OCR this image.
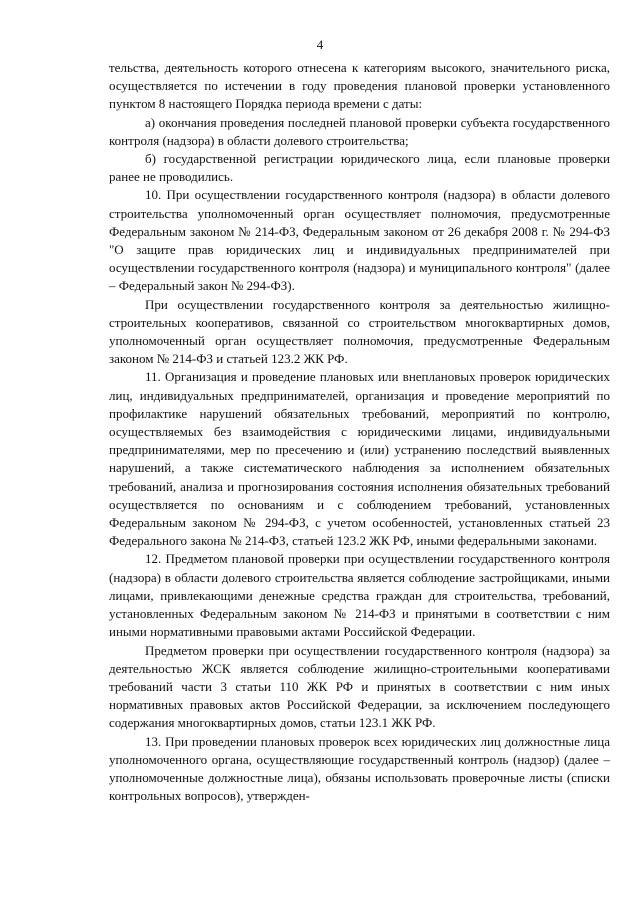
4

тельства, деятельность которого отнесена к категориям высокого, значительного риска, осуществляется по истечении в году проведения плановой проверки установленного пунктом 8 настоящего Порядка периода времени с даты:

а) окончания проведения последней плановой проверки субъекта государственного контроля (надзора) в области долевого строительства;

б) государственной регистрации юридического лица, если плановые проверки ранее не проводились.

10. При осуществлении государственного контроля (надзора) в области долевого строительства уполномоченный орган осуществляет полномочия, предусмотренные Федеральным законом № 214-ФЗ, Федеральным законом от 26 декабря 2008 г. № 294-ФЗ "О защите прав юридических лиц и индивидуальных предпринимателей при осуществлении государственного контроля (надзора) и муниципального контроля" (далее – Федеральный закон № 294-ФЗ).

При осуществлении государственного контроля за деятельностью жилищно-строительных кооперативов, связанной со строительством многоквартирных домов, уполномоченный орган осуществляет полномочия, предусмотренные Федеральным законом № 214-ФЗ и статьей 123.2 ЖК РФ.

11. Организация и проведение плановых или внеплановых проверок юридических лиц, индивидуальных предпринимателей, организация и проведение мероприятий по профилактике нарушений обязательных требований, мероприятий по контролю, осуществляемых без взаимодействия с юридическими лицами, индивидуальными предпринимателями, мер по пресечению и (или) устранению последствий выявленных нарушений, а также систематического наблюдения за исполнением обязательных требований, анализа и прогнозирования состояния исполнения обязательных требований осуществляется по основаниям и с соблюдением требований, установленных Федеральным законом № 294-ФЗ, с учетом особенностей, установленных статьей 23 Федерального закона № 214-ФЗ, статьей 123.2 ЖК РФ, иными федеральными законами.

12. Предметом плановой проверки при осуществлении государственного контроля (надзора) в области долевого строительства является соблюдение застройщиками, иными лицами, привлекающими денежные средства граждан для строительства, требований, установленных Федеральным законом № 214-ФЗ и принятыми в соответствии с ним иными нормативными правовыми актами Российской Федерации.

Предметом проверки при осуществлении государственного контроля (надзора) за деятельностью ЖСК является соблюдение жилищно-строительными кооперативами требований части 3 статьи 110 ЖК РФ и принятых в соответствии с ним иных нормативных правовых актов Российской Федерации, за исключением последующего содержания многоквартирных домов, статьи 123.1 ЖК РФ.

13. При проведении плановых проверок всех юридических лиц должностные лица уполномоченного органа, осуществляющие государственный контроль (надзор) (далее – уполномоченные должностные лица), обязаны использовать проверочные листы (списки контрольных вопросов), утвержден-
